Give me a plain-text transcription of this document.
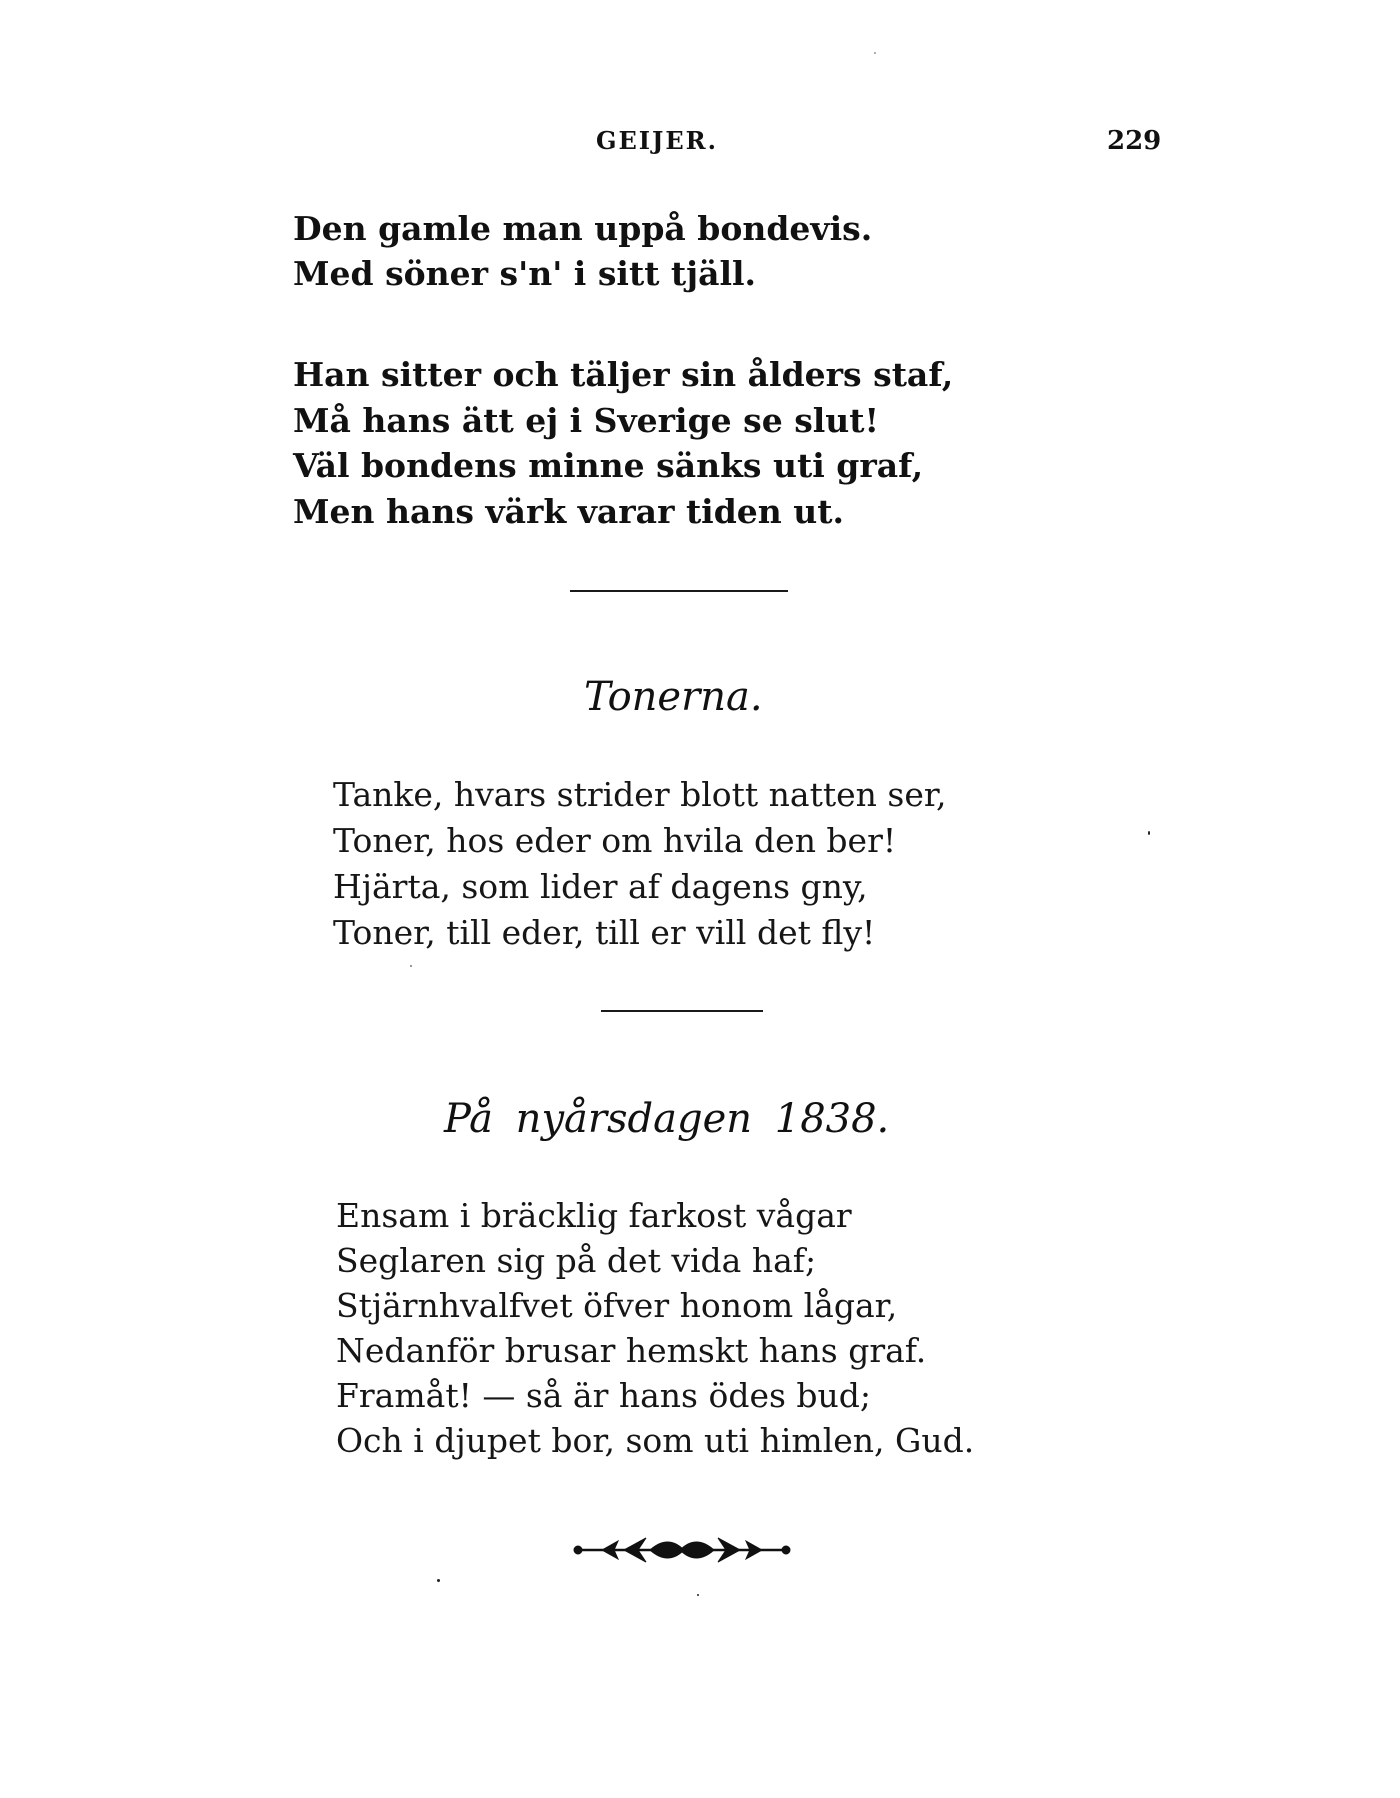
GEIJER.	229
Den gamle man uppå bondevis.
Med söner s'n' i sitt tjäll.
Han sitter och täljer sin ålders staf,
Må hans ätt ej i Sverige se slut!
Väl bondens minne sänks uti graf,
Men hans värk varar tiden ut.
Tonerna.
Tanke, hvars strider blott natten ser,
Toner, hos eder om hvila den ber!
Hjärta, som lider af dagens gny,
Toner, till eder, till er vill det fly!
På nyårsdagen 1838.
Ensam i bräcklig farkost vågar
Seglaren sig på det vida haf;
Stjärnhvalfvet öfver honom lågar,
Nedanför brusar hemskt hans graf.
Framåt! — så är hans ödes bud;
Och i djupet bor, som uti himlen, Gud.
